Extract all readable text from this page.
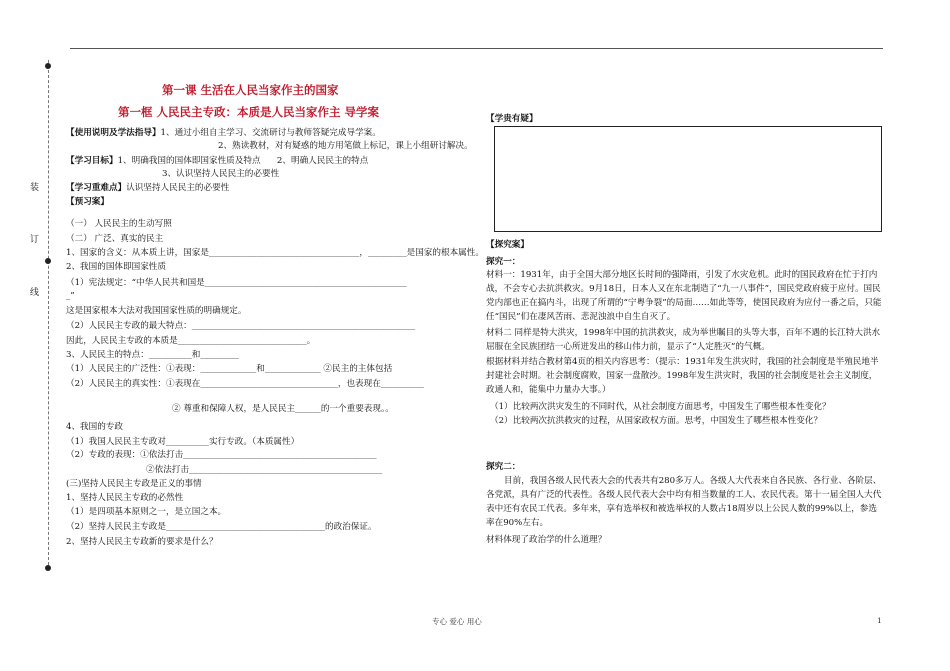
装
订
线
第一课 生活在人民当家作主的国家
第一框 人民民主专政：本质是人民当家作主 导学案
【使用说明及学法指导】1、通过小组自主学习、交流研讨与教师答疑完成导学案。
2、熟读教材，对有疑惑的地方用笔做上标记，课上小组研讨解决。
【学习目标】1、明确我国的国体即国家性质及特点      2、明确人民民主的特点
3、认识坚持人民民主的必要性
【学习重难点】认识坚持人民民主的必要性
【预习案】
（一） 人民民主的生动写照
（二） 广泛、真实的民主
1、国家的含义：从本质上讲，国家是___________________________________，_________是国家的根本属性。
2、我国的国体即国家性质
（1）宪法规定：“中华人民共和国是_______________________________________________
_”
这是国家根本大法对我国国家性质的明确规定。
（2）人民民主专政的最大特点：____________________________________________________
因此，人民民主专政的本质是______________________________。
3、人民民主的特点：__________和_________
（1）人民民主的广泛性：①表现：_____________和_____________ ②民主的主体包括
（2）人民民主的真实性：①表现在________________________________，也表现在__________
② 尊重和保障人权，是人民民主______的一个重要表现。。
4、我国的专政
（1）我国人民民主专政对__________实行专政。（本质属性）
（2）专政的表现：①依法打击_____________________________________________
②依法打击_____________________________________________
(三)坚持人民民主专政是正义的事情
1、坚持人民民主专政的必然性
（1）是四项基本原则之一，是立国之本。
（2）坚持人民民主专政是_____________________________________的政治保证。
2、坚持人民民主专政新的要求是什么？
【学贵有疑】
【探究案】
探究一：
材料一：1931年，由于全国大部分地区长时间的强降雨，引发了水灾危机。此时的国民政府在忙于打内战，不会专心去抗洪救灾。9月18日，日本人又在东北制造了“九一八事件”，国民党政府疲于应付。国民党内部也正在搞内斗，出现了所谓的“宁粤争裂”的局面……如此等等，使国民政府为应付一番之后，只能任“国民”们在凄风苦雨、悲泥浊浪中自生自灭了。
材料二 同样是特大洪灾，1998年中国的抗洪救灾，成为举世瞩目的头等大事，百年不遇的长江特大洪水屈服在全民族团结一心所迸发出的移山伟力前，显示了“人定胜灭”的气概。
根据材料并结合教材第4页的相关内容思考：（提示：1931年发生洪灾时，我国的社会制度是半殖民地半封建社会时期。社会制度腐败，国家一盘散沙。1998年发生洪灾时，我国的社会制度是社会主义制度，政通人和，能集中力量办大事。）
（1）比较两次洪灾发生的不同时代，从社会制度方面思考，中国发生了哪些根本性变化？
（2）比较两次抗洪救灾的过程，从国家政权方面。思考，中国发生了哪些根本性变化？
探究二：
目前，我国各级人民代表大会的代表共有280多万人。各级人大代表来自各民族、各行业、各阶层、各党派，具有广泛的代表性。各级人民代表大会中均有相当数量的工人、农民代表。第十一届全国人大代表中还有农民工代表。多年来，享有选举权和被选举权的人数占18周岁以上公民人数的99%以上，参选率在90%左右。
材料体现了政治学的什么道理？
专心 爱心 用心	1
